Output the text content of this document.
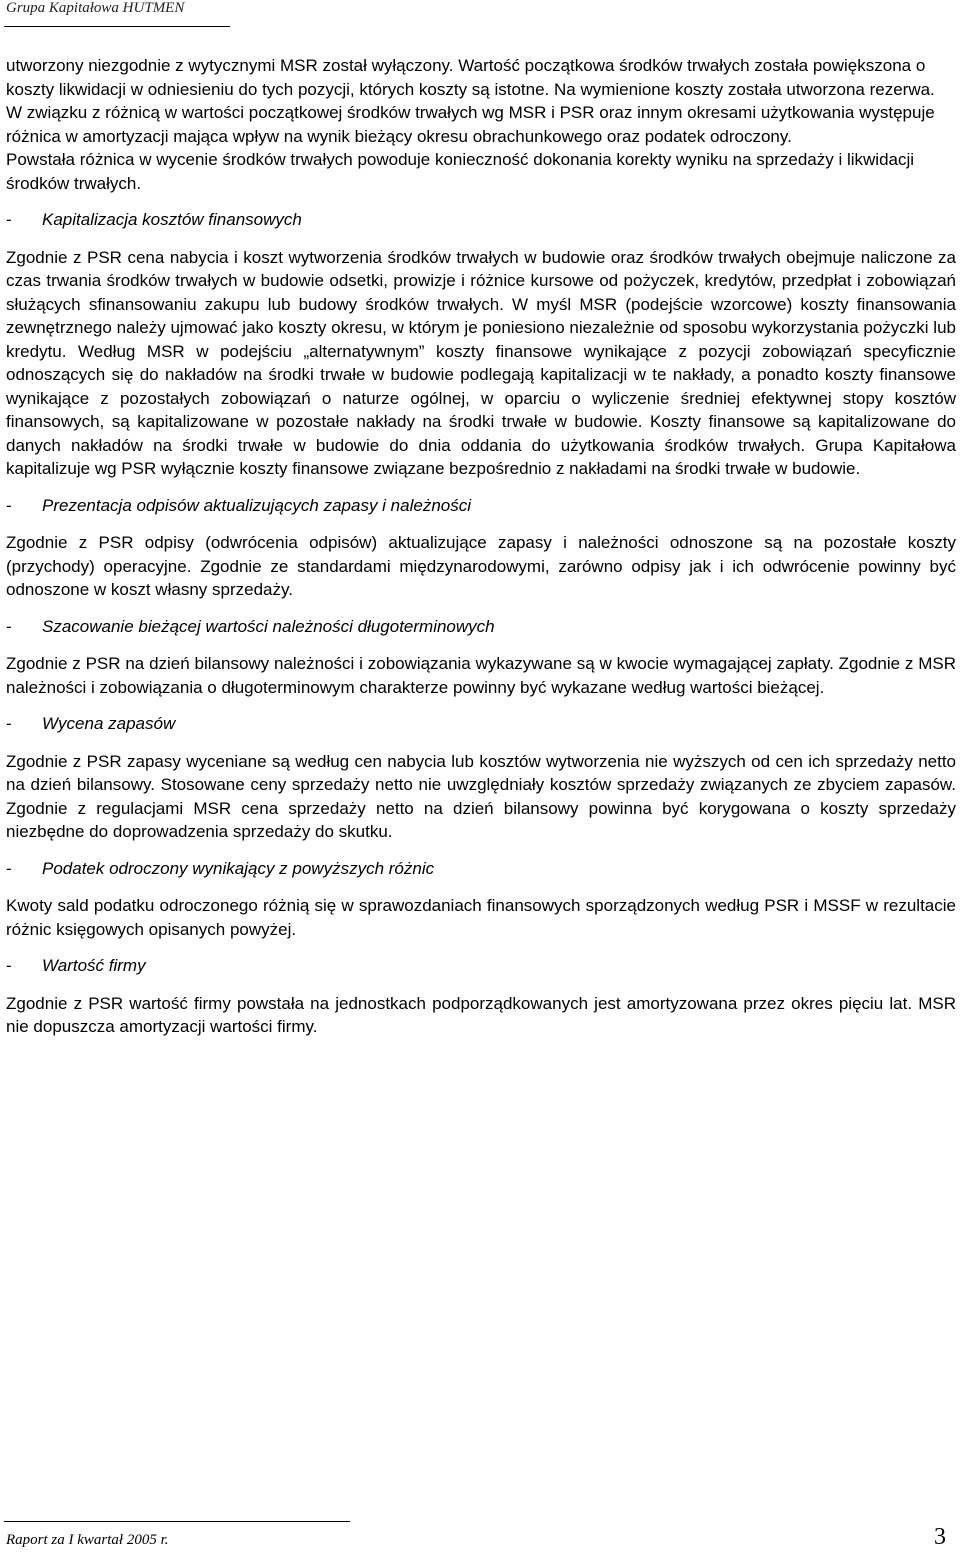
Grupa Kapitałowa HUTMEN

utworzony niezgodnie z wytycznymi MSR został wyłączony. Wartość początkowa środków trwałych została powiększona o koszty likwidacji w odniesieniu do tych pozycji, których koszty są istotne. Na wymienione koszty została utworzona rezerwa.

W związku z różnicą w wartości początkowej środków trwałych wg MSR i PSR oraz innym okresami użytkowania występuje różnica w amortyzacji mająca wpływ na wynik bieżący okresu obrachunkowego oraz podatek odroczony.

Powstała różnica w wycenie środków trwałych powoduje konieczność dokonania korekty wyniku na sprzedaży i likwidacji środków trwałych.

- Kapitalizacja kosztów finansowych

Zgodnie z PSR cena nabycia i koszt wytworzenia środków trwałych w budowie oraz środków trwałych obejmuje naliczone za czas trwania środków trwałych w budowie odsetki, prowizje i różnice kursowe od pożyczek, kredytów, przedpłat i zobowiązań służących sfinansowaniu zakupu lub budowy środków trwałych. W myśl MSR (podejście wzorcowe) koszty finansowania zewnętrznego należy ujmować jako koszty okresu, w którym je poniesiono niezależnie od sposobu wykorzystania pożyczki lub kredytu. Według MSR w podejściu „alternatywnym” koszty finansowe wynikające z pozycji zobowiązań specyficznie odnoszących się do nakładów na środki trwałe w budowie podlegają kapitalizacji w te nakłady, a ponadto koszty finansowe wynikające z pozostałych zobowiązań o naturze ogólnej, w oparciu o wyliczenie średniej efektywnej stopy kosztów finansowych, są kapitalizowane w pozostałe nakłady na środki trwałe w budowie. Koszty finansowe są kapitalizowane do danych nakładów na środki trwałe w budowie do dnia oddania do użytkowania środków trwałych. Grupa Kapitałowa kapitalizuje wg PSR wyłącznie koszty finansowe związane bezpośrednio z nakładami na środki trwałe w budowie.

- Prezentacja odpisów aktualizujących zapasy i należności

Zgodnie z PSR odpisy (odwrócenia odpisów) aktualizujące zapasy i należności odnoszone są na pozostałe koszty (przychody) operacyjne. Zgodnie ze standardami międzynarodowymi, zarówno odpisy jak i ich odwrócenie powinny być odnoszone w koszt własny sprzedaży.

- Szacowanie bieżącej wartości należności długoterminowych

Zgodnie z PSR na dzień bilansowy należności i zobowiązania wykazywane są w kwocie wymagającej zapłaty. Zgodnie z MSR należności i zobowiązania o długoterminowym charakterze powinny być wykazane według wartości bieżącej.

- Wycena zapasów

Zgodnie z PSR zapasy wyceniane są według cen nabycia lub kosztów wytworzenia nie wyższych od cen ich sprzedaży netto na dzień bilansowy. Stosowane ceny sprzedaży netto nie uwzględniały kosztów sprzedaży związanych ze zbyciem zapasów. Zgodnie z regulacjami MSR cena sprzedaży netto na dzień bilansowy powinna być korygowana o koszty sprzedaży niezbędne do doprowadzenia sprzedaży do skutku.

- Podatek odroczony wynikający z powyższych różnic

Kwoty sald podatku odroczonego różnią się w sprawozdaniach finansowych sporządzonych według PSR i MSSF w rezultacie różnic księgowych opisanych powyżej.

- Wartość firmy

Zgodnie z PSR wartość firmy powstała na jednostkach podporządkowanych jest amortyzowana przez okres pięciu lat. MSR nie dopuszcza amortyzacji wartości firmy.

Raport za I kwartał 2005 r.	3
